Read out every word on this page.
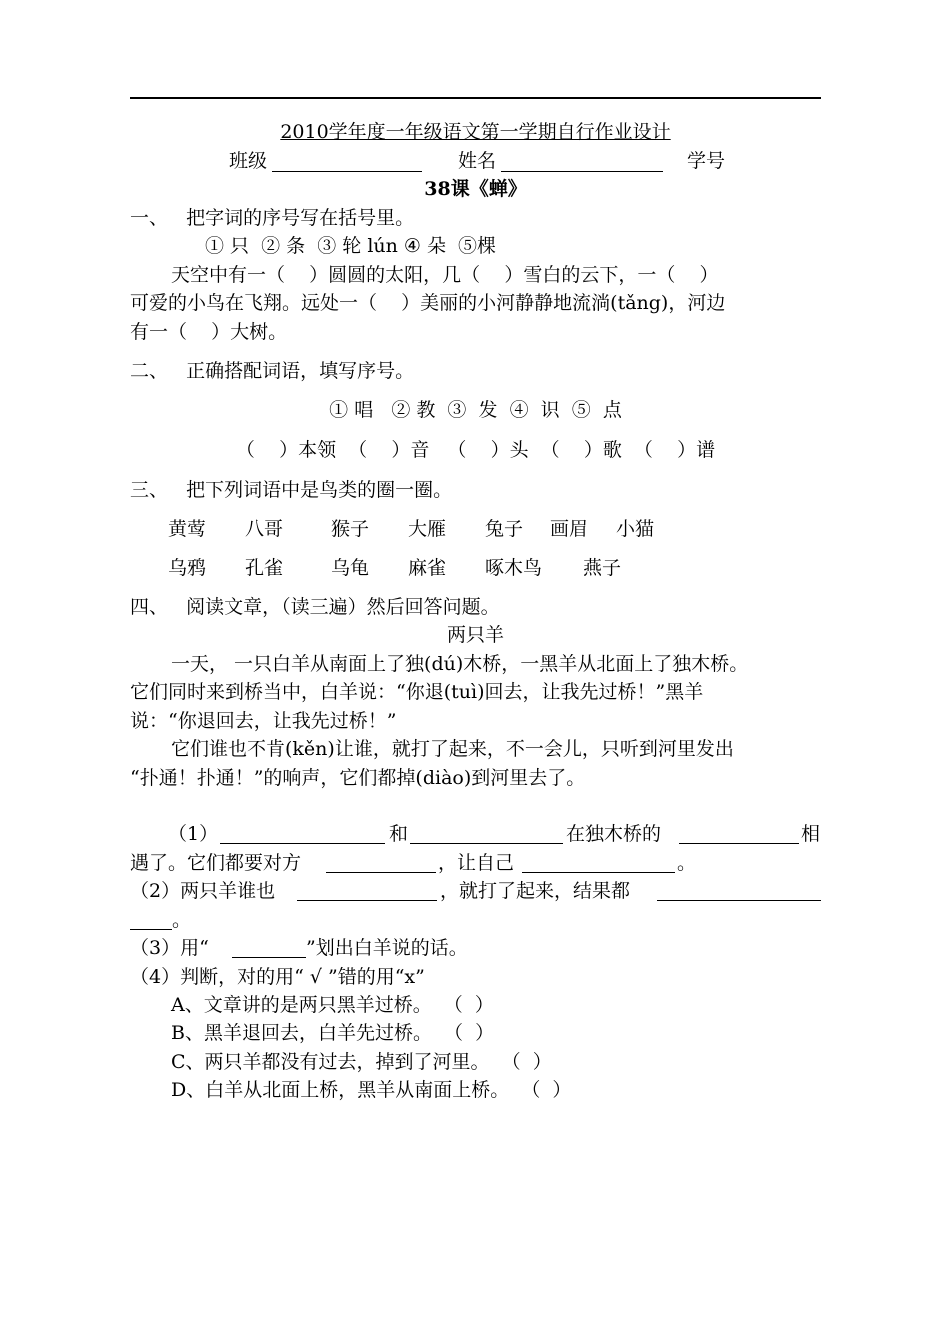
2010学年度一年级语文第一学期自行作业设计
班级	姓名	学号
38课《蝉》
一、   把字词的序号写在括号里。
① 只  ② 条  ③ 轮 lún ④ 朵  ⑤棵
天空中有一（    ）圆圆的太阳，几（    ）雪白的云下，一（    ）
可爱的小鸟在飞翔。远处一（    ）美丽的小河静静地流淌(tǎng)，河边
有一（    ）大树。
二、   正确搭配词语，填写序号。
① 唱   ② 教  ③  发  ④  识  ⑤  点
（    ）本领  （    ）音   （    ）头  （    ）歌  （    ）谱
三、   把下列词语中是鸟类的圈一圈。
黄莺 八哥	猴子 大雁 兔子 画眉 小猫
乌鸦 孔雀	乌龟 麻雀 啄木鸟 燕子
四、   阅读文章，（读三遍）然后回答问题。
两只羊
一天， 一只白羊从南面上了独(dú)木桥，一黑羊从北面上了独木桥。
它们同时来到桥当中，白羊说：“你退(tuì)回去，让我先过桥！”黑羊
说：“你退回去，让我先过桥！”
它们谁也不肯(kěn)让谁，就打了起来，不一会儿，只听到河里发出
“扑通！扑通！”的响声，它们都掉(diào)到河里去了。
（1）	和	在独木桥的	相
遇了。它们都要对方	，让自己	。
（2）两只羊谁也	，就打了起来，结果都
。
（3）用“	”划出白羊说的话。
（4）判断，对的用“ √ ”错的用“x”
A、文章讲的是两只黑羊过桥。  （  ）
B、黑羊退回去，白羊先过桥。  （  ）
C、两只羊都没有过去，掉到了河里。  （  ）
D、白羊从北面上桥，黑羊从南面上桥。  （  ）
